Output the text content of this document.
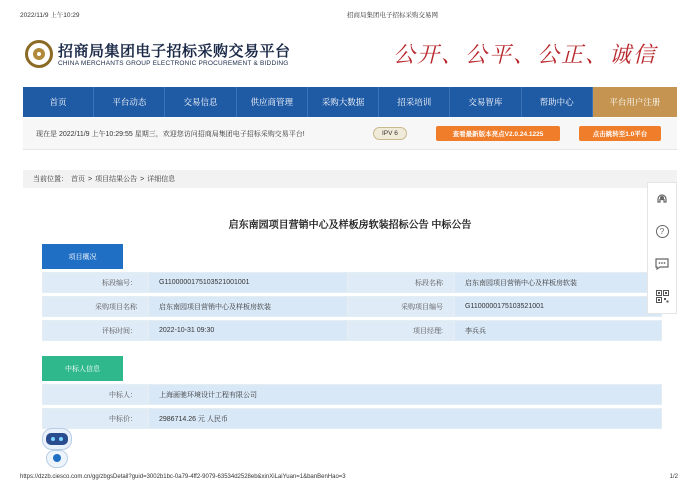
2022/11/9 上午10:29	招商局集团电子招标采购交易网
招商局集团电子招标采购交易平台
CHINA MERCHANTS GROUP ELECTRONIC PROCUREMENT & BIDDING	公开、公平、公正、诚信
首页	平台动态	交易信息	供应商管理	采购大数据	招采培训	交易智库	帮助中心	平台用户注册
现在是 2022/11/9 上午10:29:55 星期三，欢迎您访问招商局集团电子招标采购交易平台!	IPV 6	查看最新版本亮点V2.0.24.1225	点击跳转至1.0平台
当前位置： 首页 > 项目结果公告 > 详细信息
启东南园项目营销中心及样板房软装招标公告 中标公告
项目概况
标段编号：	G1100000175103521001001	标段名称	启东南园项目营销中心及样板房软装
采购项目名称	启东南园项目营销中心及样板房软装	采购项目编号	G1100000175103521001
评标时间：	2022-10-31 09:30	项目经理:	李兵兵
中标人信息
中标人：	上海画驰环境设计工程有限公司
中标价：	2986714.26 元 人民币
?
https://dzzb.ciesco.com.cn/gg/zbgsDetail?guid=3002b1bc-0a79-4ff2-9079-63534d2528eb&xinXiLaiYuan=1&banBenHao=3	1/2
